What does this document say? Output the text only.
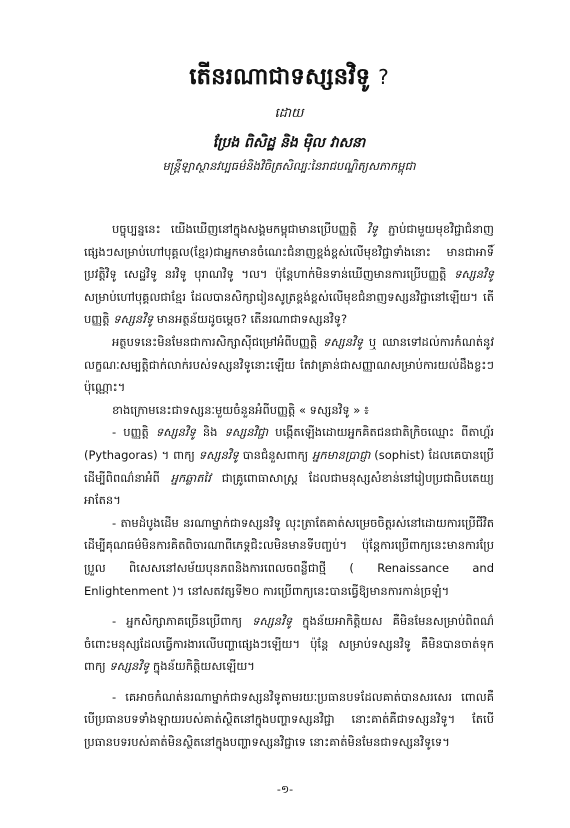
តើនរណាជាទស្សនវិទូ ?
ដោយ
ប្រែង ពិសិដ្ឋ និង ម៉ិល វាសនា
មន្ត្រីឡាស្ថានវប្បធម៌និងវិចិត្រសិល្បៈនៃរាជបណ្ឌិត្យសភាកម្ពុជា

បច្ចុប្បន្ននេះ យើងឃើញនៅក្នុងសង្គមកម្ពុជាមានប្រើបញ្ញត្តិ វិទូ ភ្ជាប់ជាមួយមុខវិជ្ជាជំនាញផ្សេងៗសម្រាប់ហៅបុគ្គល(ខ្មែរ)ជាអ្នកមានចំណេះជំនាញខ្ពង់ខ្ពស់លើមុខវិជ្ជាទាំងនោះ មានជាអាទិ៍ ប្រវត្តិវិទូ សេដ្ឋវិទូ នរវិទូ បុរាណវិទូ ។ល។ ប៉ុន្តែហាក់មិនទាន់ឃើញមានការប្រើបញ្ញត្តិ ទស្សនវិទូ សម្រាប់ហៅបុគ្គលជាខ្មែរ ដែលបានសិក្សារៀនសូត្រខ្ពង់ខ្ពស់លើមុខជំនាញទស្សនវិជ្ជានៅឡើយ។ តើបញ្ញត្តិ ទស្សនវិទូ មានអត្ថន័យដូចម្តេច? តើនរណាជាទស្សនវិទូ?

អត្ថបទនេះមិនមែនជាការសិក្សាស៊ីជម្រៅអំពីបញ្ញត្តិ ទស្សនវិទូ ឬ ឈានទៅដល់ការកំណត់នូវលក្ខណៈសម្បត្តិជាក់លាក់របស់ទស្សនវិទូនោះឡើយ តែវាគ្រាន់ជាសញ្ញាណសម្រាប់ការយល់ដឹងខ្លះៗប៉ុណ្ណោះ។

ខាងក្រោមនេះជាទស្សនៈមួយចំនួនអំពីបញ្ញត្តិ « ទស្សនវិទូ » ៖

- បញ្ញត្តិ ទស្សនវិទូ និង ទស្សនវិជ្ជា បង្កើតឡើងដោយអ្នកគិតជនជាតិក្រិចឈ្មោះ ពីតាហ្គ័រ (Pythagoras) ។ ពាក្យ ទស្សនវិទូ បានជំនួសពាក្យ អ្នកមានប្រាជ្ញា (sophist) ដែលគេបានប្រើដើម្បីពិពណ៌នាអំពី អ្នកឆ្លាតវៃ ជាគ្រូពោធាសាស្ត្រ ដែលជាមនុស្សសំខាន់នៅរៀបប្រជាធិបតេយ្យអាតែន។

- តាមដំបូងដើម នរណាម្នាក់ជាទស្សនវិទូ លុះត្រាតែគាត់សម្រេចចិត្តរស់នៅដោយការប្រើជីវិតដើម្បីគុណធម៌មិនការគិតពិចារណាពីភេទ្តជិះលមិនមានទីបញ្ចប់។ ប៉ុន្តែការប្រើពាក្យនេះមានការប្រែប្រួល ពិសេសនៅសម័យបុនភពនិងការពេលចពន្លឺជាថ្មី ( Renaissance and Enlightenment )។ នៅសតវត្សទី២០ ការប្រើពាក្យនេះបានធ្វើឱ្យមានការកាន់ច្រឡំ។

- អ្នកសិក្សាភាគច្រើនប្រើពាក្យ ទស្សនវិទូ ក្នុងន័យអាកិត្តិយស គឺមិនមែនសម្រាប់ពិពណ៌ចំពោះមនុស្សដែលធ្វើការងារលើបញ្ហាផ្សេងៗឡើយ។ ប៉ុន្តែ សម្រាប់ទស្សនវិទូ គឺមិនបានចាត់ទុកពាក្យ ទស្សនវិទូ ក្នុងន័យកិត្តិយសឡើយ។

- គេអាចកំណត់នរណាម្នាក់ជាទស្សនវិទូតាមរយៈប្រធានបទដែលគាត់បានសរសេរ ពោលគឺ បើប្រធានបទទាំងឡាយរបស់គាត់ស្ថិតនៅក្នុងបញ្ហាទស្សនវិជ្ជា នោះគាត់គឺជាទស្សនវិទូ។ តែបើប្រធានបទរបស់គាត់មិនស្ថិតនៅក្នុងបញ្ហាទស្សនវិជ្ជាទេ នោះគាត់មិនមែនជាទស្សនវិទូទេ។

-១-
